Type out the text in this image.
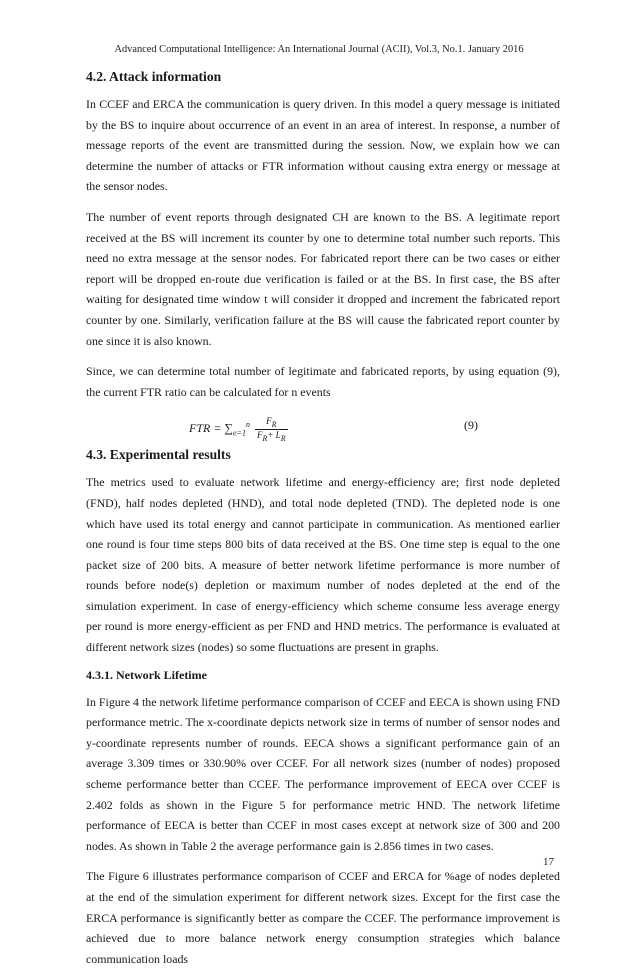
Advanced Computational Intelligence: An International Journal (ACII), Vol.3, No.1. January 2016
4.2. Attack information

In CCEF and ERCA the communication is query driven. In this model a query message is initiated by the BS to inquire about occurrence of an event in an area of interest. In response, a number of message reports of the event are transmitted during the session. Now, we explain how we can determine the number of attacks or FTR information without causing extra energy or message at the sensor nodes.

The number of event reports through designated CH are known to the BS. A legitimate report received at the BS will increment its counter by one to determine total number such reports. This need no extra message at the sensor nodes. For fabricated report there can be two cases or either report will be dropped en-route due verification is failed or at the BS. In first case, the BS after waiting for designated time window t will consider it dropped and increment the fabricated report counter by one. Similarly, verification failure at the BS will cause the fabricated report counter by one since it is also known.

Since, we can determine total number of legitimate and fabricated reports, by using equation (9), the current FTR ratio can be calculated for n events

FTR = $\sum_{e=1}^n \frac{F_R}{F_R+ L_R}$	(9)
4.3. Experimental results

The metrics used to evaluate network lifetime and energy-efficiency are; first node depleted (FND), half nodes depleted (HND), and total node depleted (TND). The depleted node is one which have used its total energy and cannot participate in communication. As mentioned earlier one round is four time steps 800 bits of data received at the BS. One time step is equal to the one packet size of 200 bits. A measure of better network lifetime performance is more number of rounds before node(s) depletion or maximum number of nodes depleted at the end of the simulation experiment. In case of energy-efficiency which scheme consume less average energy per round is more energy-efficient as per FND and HND metrics. The performance is evaluated at different network sizes (nodes) so some fluctuations are present in graphs.

4.3.1. Network Lifetime

In Figure 4 the network lifetime performance comparison of CCEF and EECA is shown using FND performance metric. The x-coordinate depicts network size in terms of number of sensor nodes and y-coordinate represents number of rounds. EECA shows a significant performance gain of an average 3.309 times or 330.90% over CCEF. For all network sizes (number of nodes) proposed scheme performance better than CCEF. The performance improvement of EECA over CCEF is 2.402 folds as shown in the Figure 5 for performance metric HND. The network lifetime performance of EECA is better than CCEF in most cases except at network size of 300 and 200 nodes. As shown in Table 2 the average performance gain is 2.856 times in two cases.

The Figure 6 illustrates performance comparison of CCEF and ERCA for %age of nodes depleted at the end of the simulation experiment for different network sizes. Except for the first case the ERCA performance is significantly better as compare the CCEF. The performance improvement is achieved due to more balance network energy consumption strategies which balance communication loads

17
